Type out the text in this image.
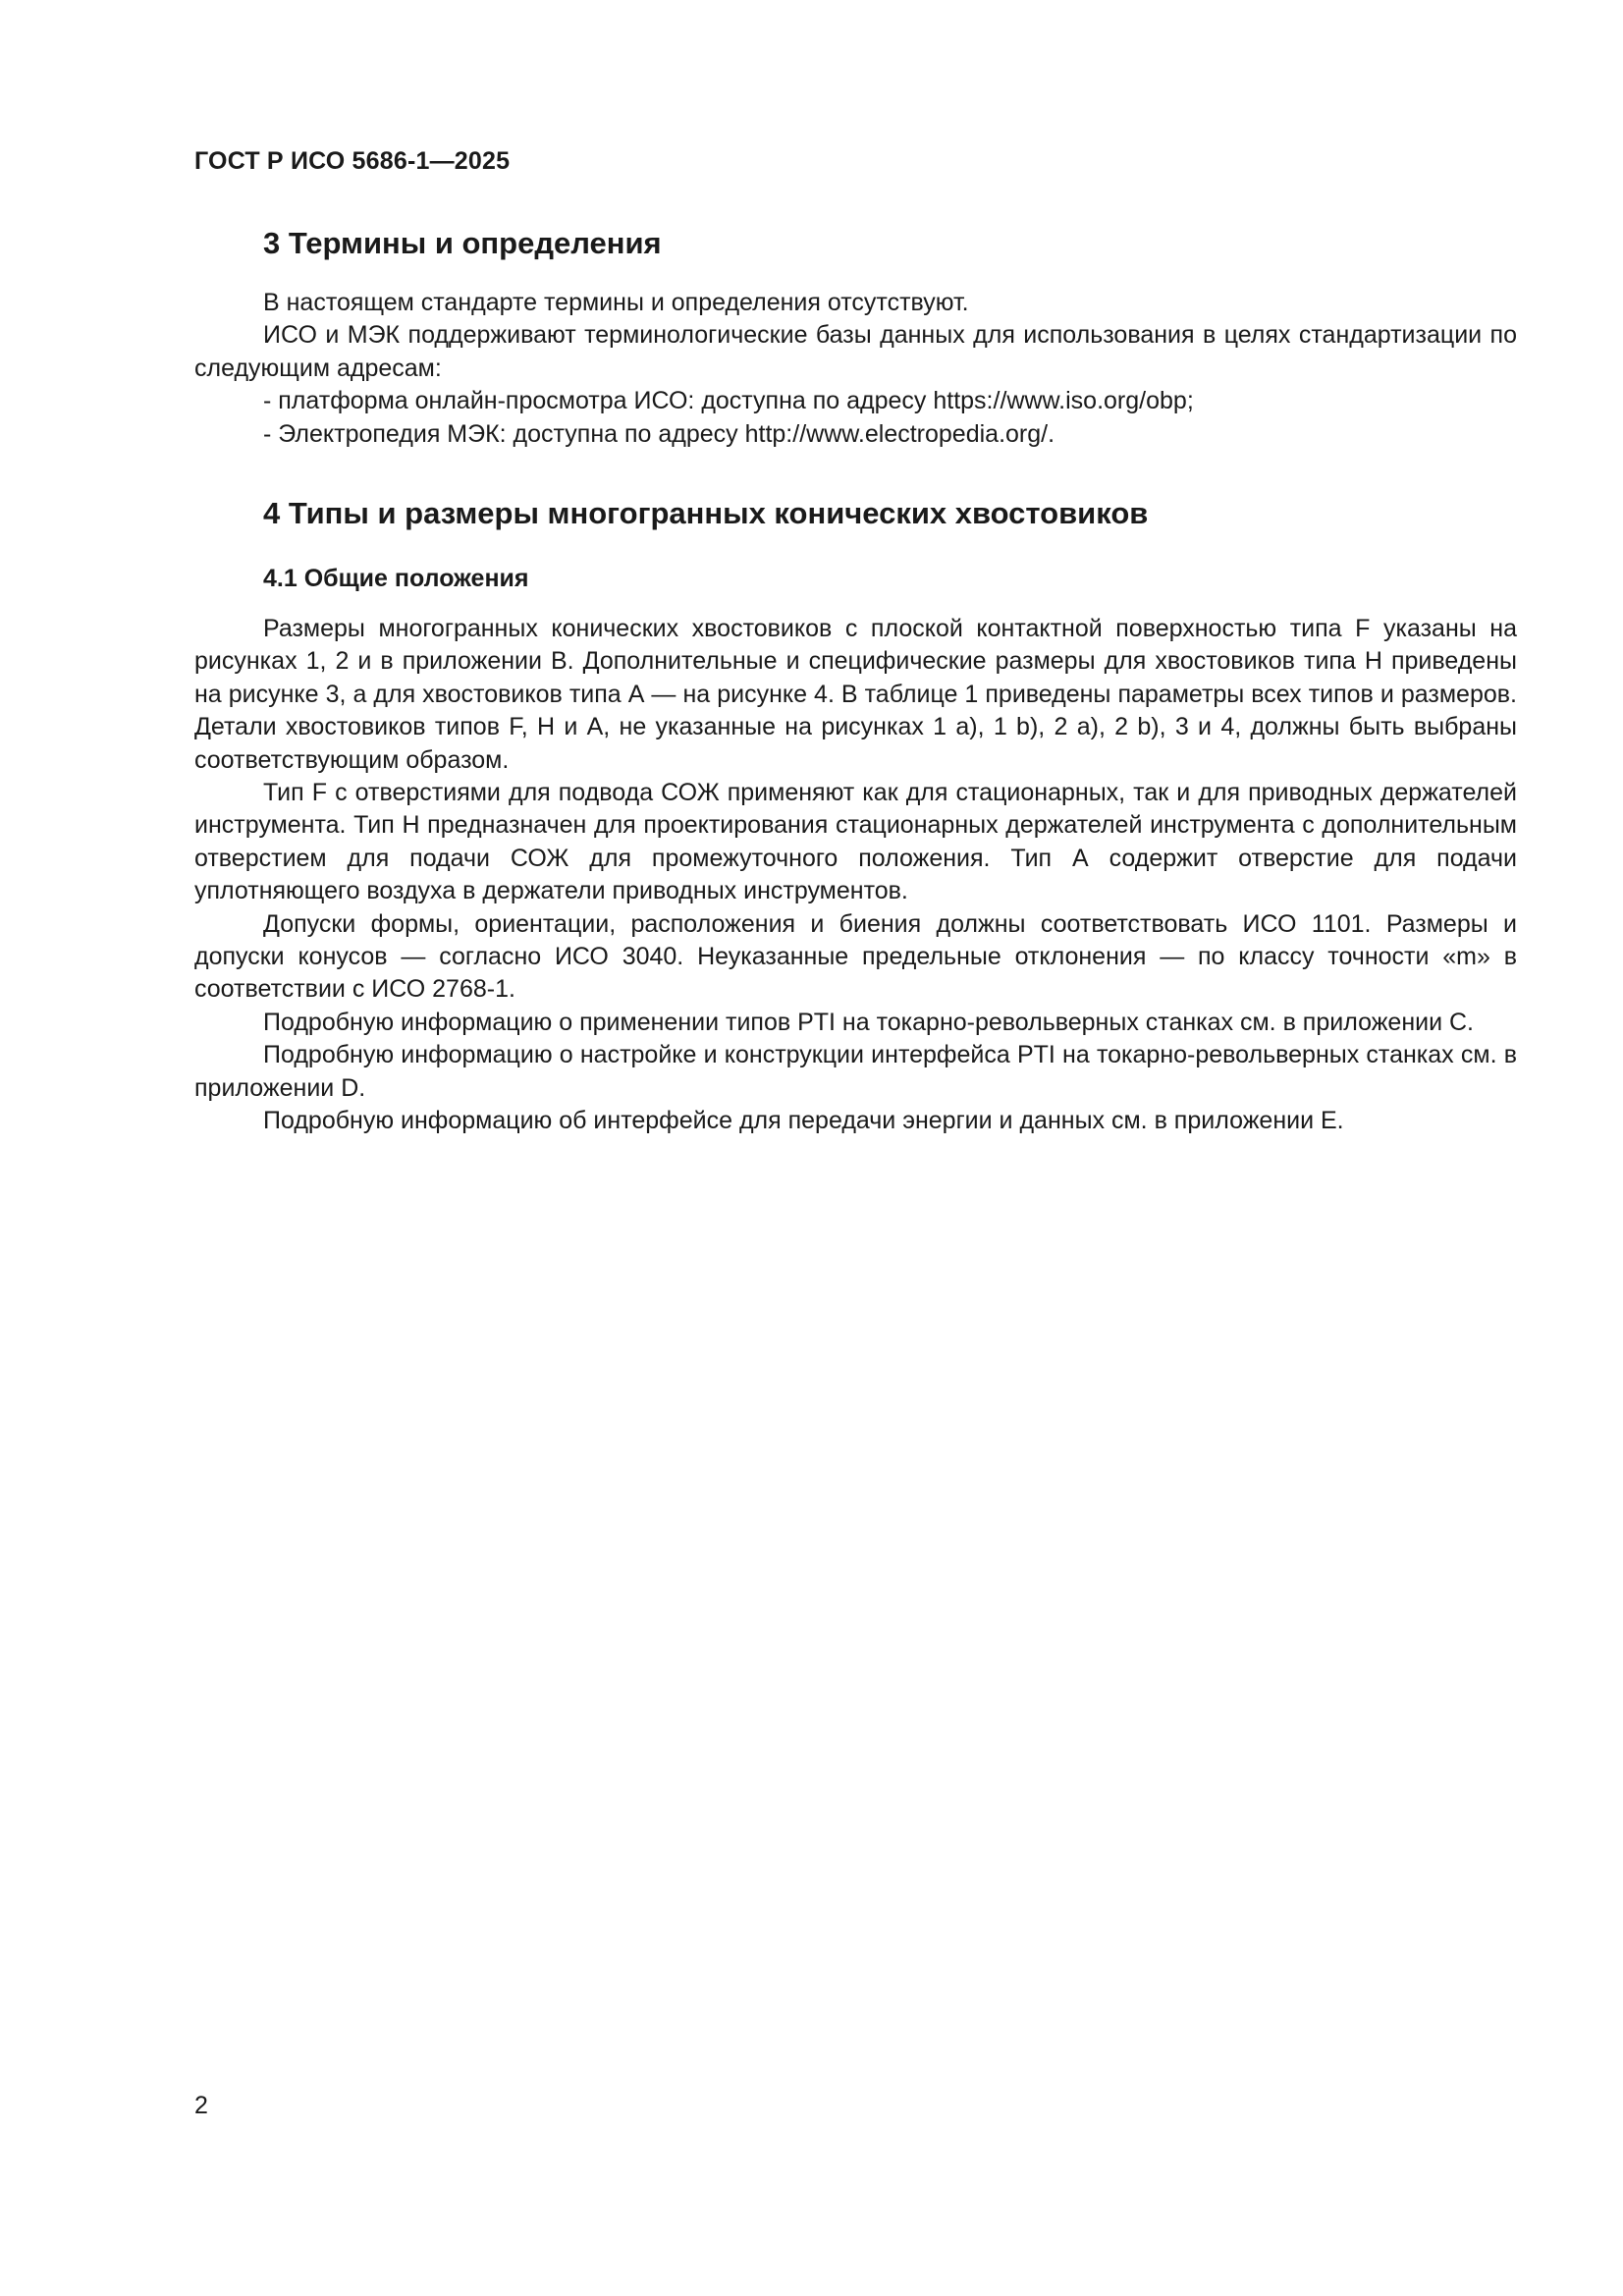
ГОСТ Р ИСО 5686-1—2025
3 Термины и определения

В настоящем стандарте термины и определения отсутствуют.

ИСО и МЭК поддерживают терминологические базы данных для использования в целях стандартизации по следующим адресам:

- платформа онлайн-просмотра ИСО: доступна по адресу https://www.iso.org/obp;

- Электропедия МЭК: доступна по адресу http://www.electropedia.org/.

4 Типы и размеры многогранных конических хвостовиков
4.1 Общие положения

Размеры многогранных конических хвостовиков с плоской контактной поверхностью типа F указаны на рисунках 1, 2 и в приложении В. Дополнительные и специфические размеры для хвостовиков типа Н приведены на рисунке 3, а для хвостовиков типа А — на рисунке 4. В таблице 1 приведены параметры всех типов и размеров. Детали хвостовиков типов F, Н и А, не указанные на рисунках 1 а), 1 b), 2 а), 2 b), 3 и 4, должны быть выбраны соответствующим образом.

Тип F с отверстиями для подвода СОЖ применяют как для стационарных, так и для приводных держателей инструмента. Тип Н предназначен для проектирования стационарных держателей инструмента с дополнительным отверстием для подачи СОЖ для промежуточного положения. Тип А содержит отверстие для подачи уплотняющего воздуха в держатели приводных инструментов.

Допуски формы, ориентации, расположения и биения должны соответствовать ИСО 1101. Размеры и допуски конусов — согласно ИСО 3040. Неуказанные предельные отклонения — по классу точности «m» в соответствии с ИСО 2768-1.

Подробную информацию о применении типов PTI на токарно-револьверных станках см. в приложении С.

Подробную информацию о настройке и конструкции интерфейса PTI на токарно-револьверных станках см. в приложении D.

Подробную информацию об интерфейсе для передачи энергии и данных см. в приложении Е.

2
